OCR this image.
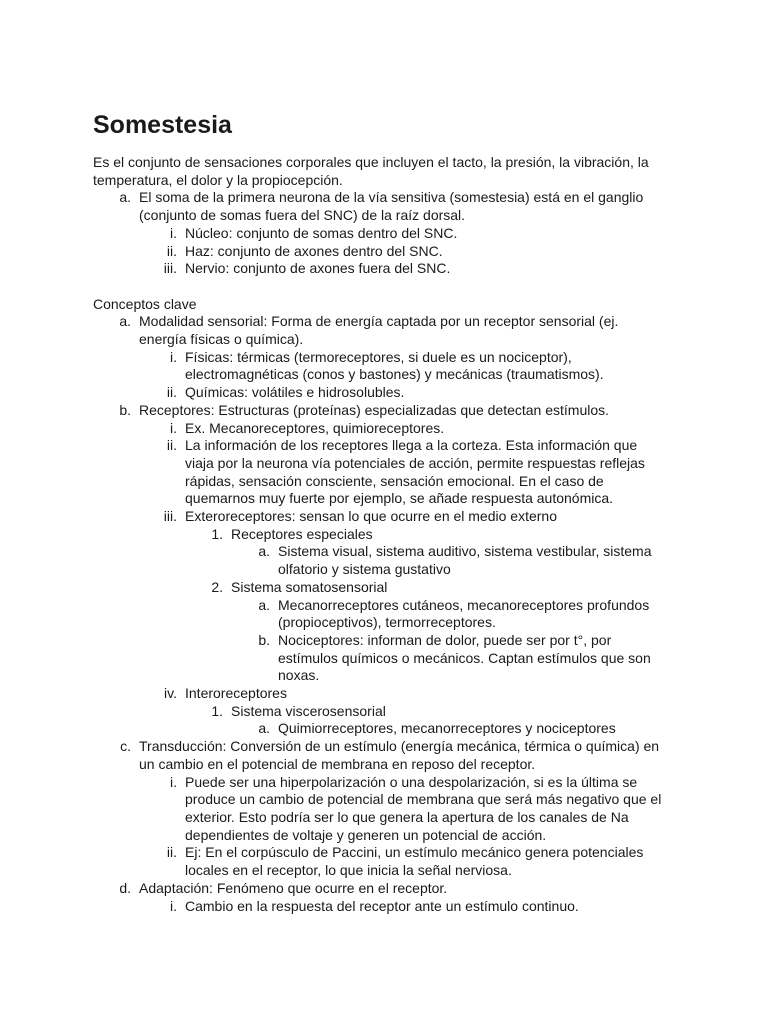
Somestesia

Es el conjunto de sensaciones corporales que incluyen el tacto, la presión, la vibración, la temperatura, el dolor y la propiocepción.

a. El soma de la primera neurona de la vía sensitiva (somestesia) está en el ganglio (conjunto de somas fuera del SNC) de la raíz dorsal.
i. Núcleo: conjunto de somas dentro del SNC.
ii. Haz: conjunto de axones dentro del SNC.
iii. Nervio: conjunto de axones fuera del SNC.
Conceptos clave
a. Modalidad sensorial: Forma de energía captada por un receptor sensorial (ej. energía físicas o química).
i. Físicas: térmicas (termoreceptores, si duele es un nociceptor), electromagnéticas (conos y bastones) y mecánicas (traumatismos).
ii. Químicas: volátiles e hidrosolubles.
b. Receptores: Estructuras (proteínas) especializadas que detectan estímulos.
i. Ex. Mecanoreceptores, quimioreceptores.
ii. La información de los receptores llega a la corteza. Esta información que viaja por la neurona vía potenciales de acción, permite respuestas reflejas rápidas, sensación consciente, sensación emocional. En el caso de quemarnos muy fuerte por ejemplo, se añade respuesta autonómica.
iii. Exteroreceptores: sensan lo que ocurre en el medio externo
1. Receptores especiales
a. Sistema visual, sistema auditivo, sistema vestibular, sistema olfatorio y sistema gustativo
2. Sistema somatosensorial
a. Mecanorreceptores cutáneos, mecanoreceptores profundos (propioceptivos), termorreceptores.
b. Nociceptores: informan de dolor, puede ser por t°, por estímulos químicos o mecánicos. Captan estímulos que son noxas.
iv. Interoreceptores
1. Sistema viscerosensorial
a. Quimiorreceptores, mecanorreceptores y nociceptores
c. Transducción: Conversión de un estímulo (energía mecánica, térmica o química) en un cambio en el potencial de membrana en reposo del receptor.
i. Puede ser una hiperpolarización o una despolarización, si es la última se produce un cambio de potencial de membrana que será más negativo que el exterior. Esto podría ser lo que genera la apertura de los canales de Na dependientes de voltaje y generen un potencial de acción.
ii. Ej: En el corpúsculo de Paccini, un estímulo mecánico genera potenciales locales en el receptor, lo que inicia la señal nerviosa.
d. Adaptación: Fenómeno que ocurre en el receptor.
i. Cambio en la respuesta del receptor ante un estímulo continuo.
